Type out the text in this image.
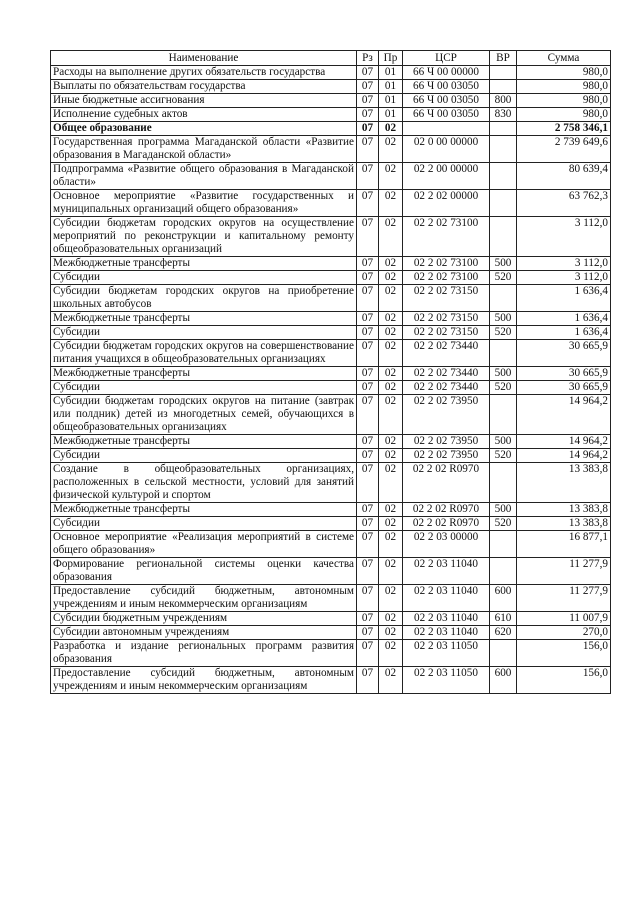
Наименование	Рз	Пр	ЦСР	ВР	Сумма
Расходы на выполнение других обязательств государства	07	01	66 Ч 00 00000		980,0
Выплаты по обязательствам государства	07	01	66 Ч 00 03050		980,0
Иные бюджетные ассигнования	07	01	66 Ч 00 03050	800	980,0
Исполнение судебных актов	07	01	66 Ч 00 03050	830	980,0
Общее образование	07	02			2 758 346,1
Государственная программа Магаданской области «Развитие образования в Магаданской области»	07	02	02 0 00 00000		2 739 649,6
Подпрограмма «Развитие общего образования в Магаданской области»	07	02	02 2 00 00000		80 639,4
Основное мероприятие «Развитие государственных и муниципальных организаций общего образования»	07	02	02 2 02 00000		63 762,3
Субсидии бюджетам городских округов на осуществление мероприятий по реконструкции и капитальному ремонту общеобразовательных организаций	07	02	02 2 02 73100		3 112,0
Межбюджетные трансферты	07	02	02 2 02 73100	500	3 112,0
Субсидии	07	02	02 2 02 73100	520	3 112,0
Субсидии бюджетам городских округов на приобретение школьных автобусов	07	02	02 2 02 73150		1 636,4
Межбюджетные трансферты	07	02	02 2 02 73150	500	1 636,4
Субсидии	07	02	02 2 02 73150	520	1 636,4
Субсидии бюджетам городских округов на совершенствование питания учащихся в общеобразовательных организациях	07	02	02 2 02 73440		30 665,9
Межбюджетные трансферты	07	02	02 2 02 73440	500	30 665,9
Субсидии	07	02	02 2 02 73440	520	30 665,9
Субсидии бюджетам городских округов на питание (завтрак или полдник) детей из многодетных семей, обучающихся в общеобразовательных организациях	07	02	02 2 02 73950		14 964,2
Межбюджетные трансферты	07	02	02 2 02 73950	500	14 964,2
Субсидии	07	02	02 2 02 73950	520	14 964,2
Создание в общеобразовательных организациях, расположенных в сельской местности, условий для занятий физической культурой и спортом	07	02	02 2 02 R0970		13 383,8
Межбюджетные трансферты	07	02	02 2 02 R0970	500	13 383,8
Субсидии	07	02	02 2 02 R0970	520	13 383,8
Основное мероприятие «Реализация мероприятий в системе общего образования»	07	02	02 2 03 00000		16 877,1
Формирование региональной системы оценки качества образования	07	02	02 2 03 11040		11 277,9
Предоставление субсидий бюджетным, автономным учреждениям и иным некоммерческим организациям	07	02	02 2 03 11040	600	11 277,9
Субсидии бюджетным учреждениям	07	02	02 2 03 11040	610	11 007,9
Субсидии автономным учреждениям	07	02	02 2 03 11040	620	270,0
Разработка и издание региональных программ развития образования	07	02	02 2 03 11050		156,0
Предоставление субсидий бюджетным, автономным учреждениям и иным некоммерческим организациям	07	02	02 2 03 11050	600	156,0
